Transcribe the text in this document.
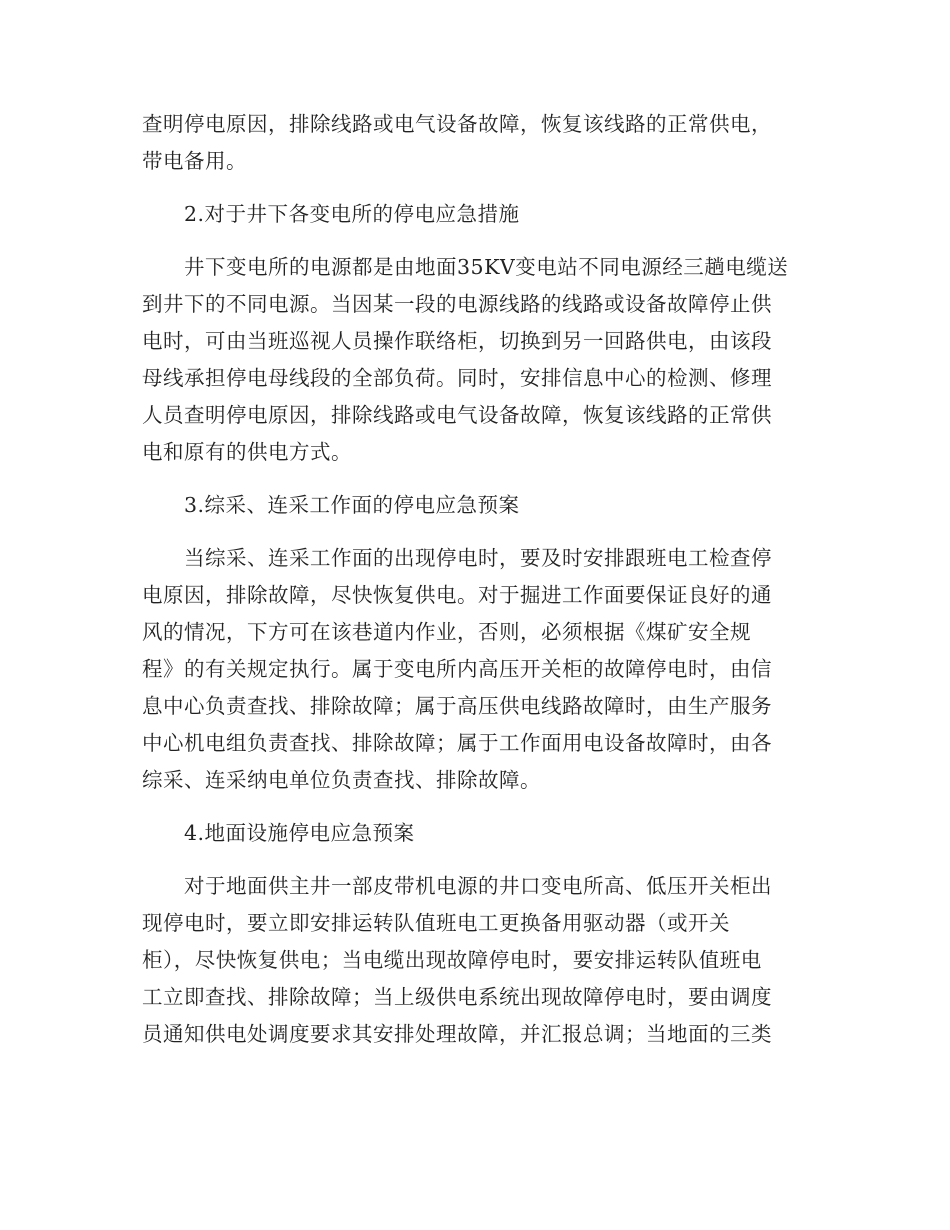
查明停电原因，排除线路或电气设备故障，恢复该线路的正常供电，
带电备用。
2.对于井下各变电所的停电应急措施
井下变电所的电源都是由地面35KV变电站不同电源经三趟电缆送
到井下的不同电源。当因某一段的电源线路的线路或设备故障停止供
电时，可由当班巡视人员操作联络柜，切换到另一回路供电，由该段
母线承担停电母线段的全部负荷。同时，安排信息中心的检测、修理
人员查明停电原因，排除线路或电气设备故障，恢复该线路的正常供
电和原有的供电方式。
3.综采、连采工作面的停电应急预案
当综采、连采工作面的出现停电时，要及时安排跟班电工检查停
电原因，排除故障，尽快恢复供电。对于掘进工作面要保证良好的通
风的情况，下方可在该巷道内作业，否则，必须根据《煤矿安全规
程》的有关规定执行。属于变电所内高压开关柜的故障停电时，由信
息中心负责查找、排除故障；属于高压供电线路故障时，由生产服务
中心机电组负责查找、排除故障；属于工作面用电设备故障时，由各
综采、连采纳电单位负责查找、排除故障。
4.地面设施停电应急预案
对于地面供主井一部皮带机电源的井口变电所高、低压开关柜出
现停电时，要立即安排运转队值班电工更换备用驱动器（或开关
柜），尽快恢复供电；当电缆出现故障停电时，要安排运转队值班电
工立即查找、排除故障；当上级供电系统出现故障停电时，要由调度
员通知供电处调度要求其安排处理故障，并汇报总调；当地面的三类
